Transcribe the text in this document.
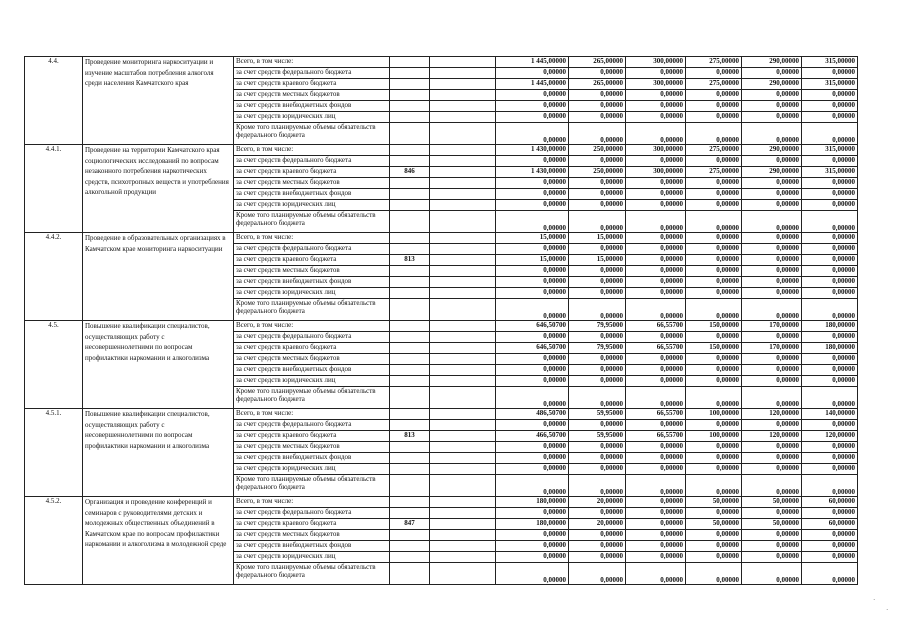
4.4.	Проведение мониторинга наркоситуации и изучение масштабов потребления алкоголя среди населения Камчатского края	Всего, в том числе:			1 445,00000	265,00000	300,00000	275,00000	290,00000	315,00000
		за счет средств федерального бюджета			0,00000	0,00000	0,00000	0,00000	0,00000	0,00000
		за счет средств краевого бюджета			1 445,00000	265,00000	300,00000	275,00000	290,00000	315,00000
		за счет средств местных бюджетов			0,00000	0,00000	0,00000	0,00000	0,00000	0,00000
		за счет средств внебюджетных фондов			0,00000	0,00000	0,00000	0,00000	0,00000	0,00000
		за счет средств юридических лиц			0,00000	0,00000	0,00000	0,00000	0,00000	0,00000
		Кроме того планируемые объемы обязательств федерального бюджета			0,00000	0,00000	0,00000	0,00000	0,00000	0,00000
4.4.1.	Проведение на территории Камчатского края социологических исследований по вопросам незаконного потребления наркотических средств, психотропных веществ и употребления алкогольной продукции	Всего, в том числе:			1 430,00000	250,00000	300,00000	275,00000	290,00000	315,00000
		за счет средств федерального бюджета			0,00000	0,00000	0,00000	0,00000	0,00000	0,00000
		за счет средств краевого бюджета	846		1 430,00000	250,00000	300,00000	275,00000	290,00000	315,00000
		за счет средств местных бюджетов			0,00000	0,00000	0,00000	0,00000	0,00000	0,00000
		за счет средств внебюджетных фондов			0,00000	0,00000	0,00000	0,00000	0,00000	0,00000
		за счет средств юридических лиц			0,00000	0,00000	0,00000	0,00000	0,00000	0,00000
		Кроме того планируемые объемы обязательств федерального бюджета			0,00000	0,00000	0,00000	0,00000	0,00000	0,00000
4.4.2.	Проведение в образовательных организациях в Камчатском крае мониторинга наркоситуации	Всего, в том числе:			15,00000	15,00000	0,00000	0,00000	0,00000	0,00000
		за счет средств федерального бюджета			0,00000	0,00000	0,00000	0,00000	0,00000	0,00000
		за счет средств краевого бюджета	813		15,00000	15,00000	0,00000	0,00000	0,00000	0,00000
		за счет средств местных бюджетов			0,00000	0,00000	0,00000	0,00000	0,00000	0,00000
		за счет средств внебюджетных фондов			0,00000	0,00000	0,00000	0,00000	0,00000	0,00000
		за счет средств юридических лиц			0,00000	0,00000	0,00000	0,00000	0,00000	0,00000
		Кроме того планируемые объемы обязательств федерального бюджета			0,00000	0,00000	0,00000	0,00000	0,00000	0,00000
4.5.	Повышение квалификации специалистов, осуществляющих работу с несовершеннолетними по вопросам профилактики наркомании и алкоголизма	Всего, в том числе:			646,50700	79,95000	66,55700	150,00000	170,00000	180,00000
		за счет средств федерального бюджета			0,00000	0,00000	0,00000	0,00000	0,00000	0,00000
		за счет средств краевого бюджета			646,50700	79,95000	66,55700	150,00000	170,00000	180,00000
		за счет средств местных бюджетов			0,00000	0,00000	0,00000	0,00000	0,00000	0,00000
		за счет средств внебюджетных фондов			0,00000	0,00000	0,00000	0,00000	0,00000	0,00000
		за счет средств юридических лиц			0,00000	0,00000	0,00000	0,00000	0,00000	0,00000
		Кроме того планируемые объемы обязательств федерального бюджета			0,00000	0,00000	0,00000	0,00000	0,00000	0,00000
4.5.1.	Повышение квалификации специалистов, осуществляющих работу с несовершеннолетними по вопросам профилактики наркомании и алкоголизма	Всего, в том числе:			486,50700	59,95000	66,55700	100,00000	120,00000	140,00000
		за счет средств федерального бюджета			0,00000	0,00000	0,00000	0,00000	0,00000	0,00000
		за счет средств краевого бюджета	813		466,50700	59,95000	66,55700	100,00000	120,00000	120,00000
		за счет средств местных бюджетов			0,00000	0,00000	0,00000	0,00000	0,00000	0,00000
		за счет средств внебюджетных фондов			0,00000	0,00000	0,00000	0,00000	0,00000	0,00000
		за счет средств юридических лиц			0,00000	0,00000	0,00000	0,00000	0,00000	0,00000
		Кроме того планируемые объемы обязательств федерального бюджета			0,00000	0,00000	0,00000	0,00000	0,00000	0,00000
4.5.2.	Организация и проведение конференций и семинаров с руководителями детских и молодежных общественных объединений в Камчатском крае по вопросам профилактики наркомании и алкоголизма в молодежной среде	Всего, в том числе:			180,00000	20,00000	0,00000	50,00000	50,00000	60,00000
		за счет средств федерального бюджета			0,00000	0,00000	0,00000	0,00000	0,00000	0,00000
		за счет средств краевого бюджета	847		180,00000	20,00000	0,00000	50,00000	50,00000	60,00000
		за счет средств местных бюджетов			0,00000	0,00000	0,00000	0,00000	0,00000	0,00000
		за счет средств внебюджетных фондов			0,00000	0,00000	0,00000	0,00000	0,00000	0,00000
		за счет средств юридических лиц			0,00000	0,00000	0,00000	0,00000	0,00000	0,00000
		Кроме того планируемые объемы обязательств федерального бюджета			0,00000	0,00000	0,00000	0,00000	0,00000	0,00000
·
·
